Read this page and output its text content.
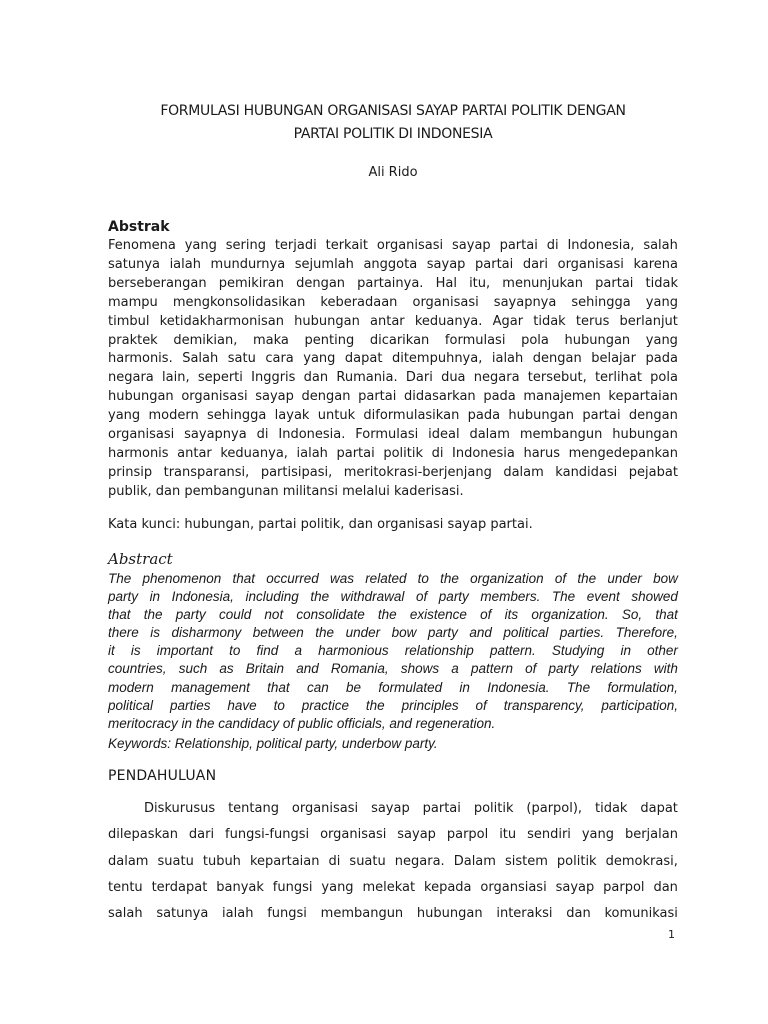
FORMULASI HUBUNGAN ORGANISASI SAYAP PARTAI POLITIK DENGAN
PARTAI POLITIK DI INDONESIA
Ali Rido
Abstrak
Fenomena yang sering terjadi terkait organisasi sayap partai di Indonesia, salah
satunya ialah mundurnya sejumlah anggota sayap partai dari organisasi karena
berseberangan pemikiran dengan partainya. Hal itu, menunjukan partai tidak
mampu mengkonsolidasikan keberadaan organisasi sayapnya sehingga yang
timbul ketidakharmonisan hubungan antar keduanya. Agar tidak terus berlanjut
praktek demikian, maka penting dicarikan formulasi pola hubungan yang
harmonis. Salah satu cara yang dapat ditempuhnya, ialah dengan belajar pada
negara lain, seperti Inggris dan Rumania. Dari dua negara tersebut, terlihat pola
hubungan organisasi sayap dengan partai didasarkan pada manajemen kepartaian
yang modern sehingga layak untuk diformulasikan pada hubungan partai dengan
organisasi sayapnya di Indonesia. Formulasi ideal dalam membangun hubungan
harmonis antar keduanya, ialah partai politik di Indonesia harus mengedepankan
prinsip transparansi, partisipasi, meritokrasi-berjenjang dalam kandidasi pejabat
publik, dan pembangunan militansi melalui kaderisasi.
Kata kunci: hubungan, partai politik, dan organisasi sayap partai.
Abstract
The phenomenon that occurred was related to the organization of the under bow
party in Indonesia, including the withdrawal of party members. The event showed
that the party could not consolidate the existence of its organization. So, that
there is disharmony between the under bow party and political parties. Therefore,
it is important to find a harmonious relationship pattern. Studying in other
countries, such as Britain and Romania, shows a pattern of party relations with
modern management that can be formulated in Indonesia. The formulation,
political parties have to practice the principles of transparency, participation,
meritocracy in the candidacy of public officials, and regeneration.
Keywords: Relationship, political party, underbow party.
PENDAHULUAN
Diskurusus tentang organisasi sayap partai politik (parpol), tidak dapat
dilepaskan dari fungsi-fungsi organisasi sayap parpol itu sendiri yang berjalan
dalam suatu tubuh kepartaian di suatu negara. Dalam sistem politik demokrasi,
tentu terdapat banyak fungsi yang melekat kepada organsiasi sayap parpol dan
salah satunya ialah fungsi membangun hubungan interaksi dan komunikasi
1
